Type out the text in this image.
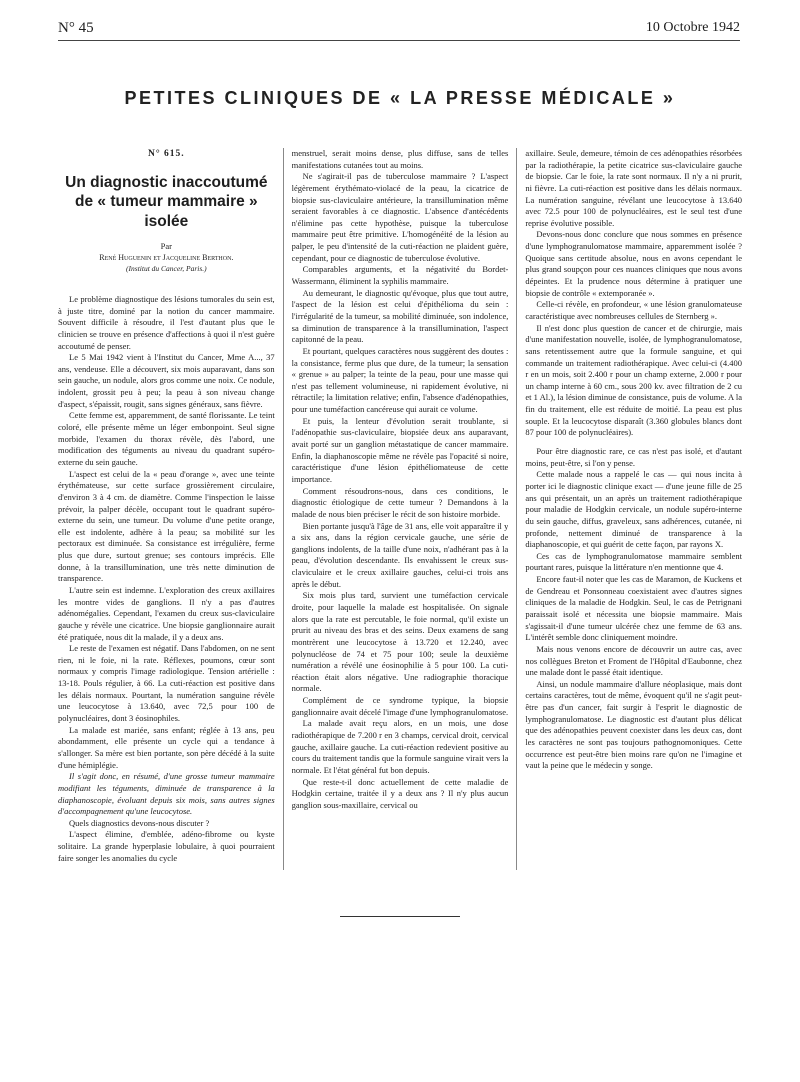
N° 45	10 Octobre 1942
PETITES CLINIQUES DE « LA PRESSE MÉDICALE »
N° 615.
Un diagnostic inaccoutumé
de « tumeur mammaire » isolée
Par
René Huguenin et Jacqueline Berthon.
(Institut du Cancer, Paris.)

Le problème diagnostique des lésions tumorales du sein est, à juste titre, dominé par la notion du cancer mammaire. Souvent difficile à résoudre, il l'est d'autant plus que le clinicien se trouve en présence d'affections à quoi il n'est guère accoutumé de penser.

Le 5 Mai 1942 vient à l'Institut du Cancer, Mme A..., 37 ans, vendeuse. Elle a découvert, six mois auparavant, dans son sein gauche, un nodule, alors gros comme une noix. Ce nodule, indolent, grossit peu à peu; la peau à son niveau change d'aspect, s'épaissit, rougit, sans signes généraux, sans fièvre.

Cette femme est, apparemment, de santé florissante. Le teint coloré, elle présente même un léger embonpoint. Seul signe morbide, l'examen du thorax révèle, dès l'abord, une modification des téguments au niveau du quadrant supéro-externe du sein gauche.

L'aspect est celui de la « peau d'orange », avec une teinte érythémateuse, sur cette surface grossièrement circulaire, d'environ 3 à 4 cm. de diamètre. Comme l'inspection le laisse prévoir, la palper décèle, occupant tout le quadrant supéro-externe du sein, une tumeur. Du volume d'une petite orange, elle est indolente, adhère à la peau; sa mobilité sur les pectoraux est diminuée. Sa consistance est irrégulière, ferme plus que dure, surtout grenue; ses contours imprécis. Elle donne, à la transillumination, une très nette diminution de transparence.

L'autre sein est indemne. L'exploration des creux axillaires les montre vides de ganglions. Il n'y a pas d'autres adénomégalies. Cependant, l'examen du creux sus-claviculaire gauche y révèle une cicatrice. Une biopsie ganglionnaire aurait été pratiquée, nous dit la malade, il y a deux ans.

Le reste de l'examen est négatif. Dans l'abdomen, on ne sent rien, ni le foie, ni la rate. Réflexes, poumons, cœur sont normaux y compris l'image radiologique. Tension artérielle : 13-18. Pouls régulier, à 66. La cuti-réaction est positive dans les délais normaux. Pourtant, la numération sanguine révèle une leucocytose à 13.640, avec 72,5 pour 100 de polynucléaires, dont 3 éosinophiles.

La malade est mariée, sans enfant; réglée à 13 ans, peu abondamment, elle présente un cycle qui a tendance à s'allonger. Sa mère est bien portante, son père décédé à la suite d'une hémiplégie.

Il s'agit donc, en résumé, d'une grosse tumeur mammaire modifiant les téguments, diminuée de transparence à la diaphanoscopie, évoluant depuis six mois, sans autres signes d'accompagnement qu'une leucocytose.

Quels diagnostics devons-nous discuter ?

L'aspect élimine, d'emblée, adéno-fibrome ou kyste solitaire. La grande hyperplasie lobulaire, à quoi pourraient faire songer les anomalies du cycle

menstruel, serait moins dense, plus diffuse, sans de telles manifestations cutanées tout au moins.

Ne s'agirait-il pas de tuberculose mammaire ? L'aspect légèrement érythémato-violacé de la peau, la cicatrice de biopsie sus-claviculaire antérieure, la transillumination même seraient favorables à ce diagnostic. L'absence d'antécédents n'élimine pas cette hypothèse, puisque la tuberculose mammaire peut être primitive. L'homogénéité de la lésion au palper, le peu d'intensité de la cuti-réaction ne plaident guère, cependant, pour ce diagnostic de tuberculose évolutive.

Comparables arguments, et la négativité du Bordet-Wassermann, éliminent la syphilis mammaire.

Au demeurant, le diagnostic qu'évoque, plus que tout autre, l'aspect de la lésion est celui d'épithélioma du sein : l'irrégularité de la tumeur, sa mobilité diminuée, son indolence, sa diminution de transparence à la transillumination, l'aspect capitonné de la peau.

Et pourtant, quelques caractères nous suggèrent des doutes : la consistance, ferme plus que dure, de la tumeur; la sensation « grenue » au palper; la teinte de la peau, pour une masse qui n'est pas tellement volumineuse, ni rapidement évolutive, ni rétractile; la limitation relative; enfin, l'absence d'adénopathies, pour une tuméfaction cancéreuse qui aurait ce volume.

Et puis, la lenteur d'évolution serait troublante, si l'adénopathie sus-claviculaire, biopsiée deux ans auparavant, avait porté sur un ganglion métastatique de cancer mammaire. Enfin, la diaphanoscopie même ne révèle pas l'opacité si noire, caractéristique d'une lésion épithéliomateuse de cette importance.

Comment résoudrons-nous, dans ces conditions, le diagnostic étiologique de cette tumeur ? Demandons à la malade de nous bien préciser le récit de son histoire morbide.

Bien portante jusqu'à l'âge de 31 ans, elle voit apparaître il y a six ans, dans la région cervicale gauche, une série de ganglions indolents, de la taille d'une noix, n'adhérant pas à la peau, d'évolution descendante. Ils envahissent le creux sus-claviculaire et le creux axillaire gauches, celui-ci trois ans après le début.

Six mois plus tard, survient une tuméfaction cervicale droite, pour laquelle la malade est hospitalisée. On signale alors que la rate est percutable, le foie normal, qu'il existe un prurit au niveau des bras et des seins. Deux examens de sang montrèrent une leucocytose à 13.720 et 12.240, avec polynucléose de 74 et 75 pour 100; seule la deuxième numération a révélé une éosinophilie à 5 pour 100. La cuti-réaction était alors négative. Une radiographie thoracique normale.

Complément de ce syndrome typique, la biopsie ganglionnaire avait décelé l'image d'une lymphogranulomatose.

La malade avait reçu alors, en un mois, une dose radiothérapique de 7.200 r en 3 champs, cervical droit, cervical gauche, axillaire gauche. La cuti-réaction redevient positive au cours du traitement tandis que la formule sanguine virait vers la normale. Et l'état général fut bon depuis.

Que reste-t-il donc actuellement de cette maladie de Hodgkin certaine, traitée il y a deux ans ? Il n'y plus aucun ganglion sous-maxillaire, cervical ou

axillaire. Seule, demeure, témoin de ces adénopathies résorbées par la radiothérapie, la petite cicatrice sus-claviculaire gauche de biopsie. Car le foie, la rate sont normaux. Il n'y a ni prurit, ni fièvre. La cuti-réaction est positive dans les délais normaux. La numération sanguine, révélant une leucocytose à 13.640 avec 72.5 pour 100 de polynucléaires, est le seul test d'une reprise évolutive possible.

Devons-nous donc conclure que nous sommes en présence d'une lymphogranulomatose mammaire, apparemment isolée ? Quoique sans certitude absolue, nous en avons cependant le plus grand soupçon pour ces nuances cliniques que nous avons dépeintes. Et la prudence nous détermine à pratiquer une biopsie de contrôle « extemporanée ».

Celle-ci révèle, en profondeur, « une lésion granulomateuse caractéristique avec nombreuses cellules de Sternberg ».

Il n'est donc plus question de cancer et de chirurgie, mais d'une manifestation nouvelle, isolée, de lymphogranulomatose, sans retentissement autre que la formule sanguine, et qui commande un traitement radiothérapique. Avec celui-ci (4.400 r en un mois, soit 2.400 r pour un champ externe, 2.000 r pour un champ interne à 60 cm., sous 200 kv. avec filtration de 2 cu et 1 Al.), la lésion diminue de consistance, puis de volume. A la fin du traitement, elle est réduite de moitié. La peau est plus souple. Et la leucocytose disparaît (3.360 globules blancs dont 87 pour 100 de polynucléaires).

Pour être diagnostic rare, ce cas n'est pas isolé, et d'autant moins, peut-être, si l'on y pense.

Cette malade nous a rappelé le cas — qui nous incita à porter ici le diagnostic clinique exact — d'une jeune fille de 25 ans qui présentait, un an après un traitement radiothérapique pour maladie de Hodgkin cervicale, un nodule supéro-interne du sein gauche, diffus, graveleux, sans adhérences, cutanée, ni profonde, nettement diminué de transparence à la diaphanoscopie, et qui guérit de cette façon, par rayons X.

Ces cas de lymphogranulomatose mammaire semblent pourtant rares, puisque la littérature n'en mentionne que 4.

Encore faut-il noter que les cas de Maramon, de Kuckens et de Gendreau et Ponsonneau coexistaient avec d'autres signes cliniques de la maladie de Hodgkin. Seul, le cas de Petrignani paraissait isolé et nécessita une biopsie mammaire. Mais s'agissait-il d'une tumeur ulcérée chez une femme de 63 ans. L'intérêt semble donc cliniquement moindre.

Mais nous venons encore de découvrir un autre cas, avec nos collègues Breton et Froment de l'Hôpital d'Eaubonne, chez une malade dont le passé était identique.

Ainsi, un nodule mammaire d'allure néoplasique, mais dont certains caractères, tout de même, évoquent qu'il ne s'agit peut-être pas d'un cancer, fait surgir à l'esprit le diagnostic de lymphogranulomatose. Le diagnostic est d'autant plus délicat que des adénopathies peuvent coexister dans les deux cas, dont les caractères ne sont pas toujours pathognomoniques. Cette occurrence est peut-être bien moins rare qu'on ne l'imagine et vaut la peine que le médecin y songe.
